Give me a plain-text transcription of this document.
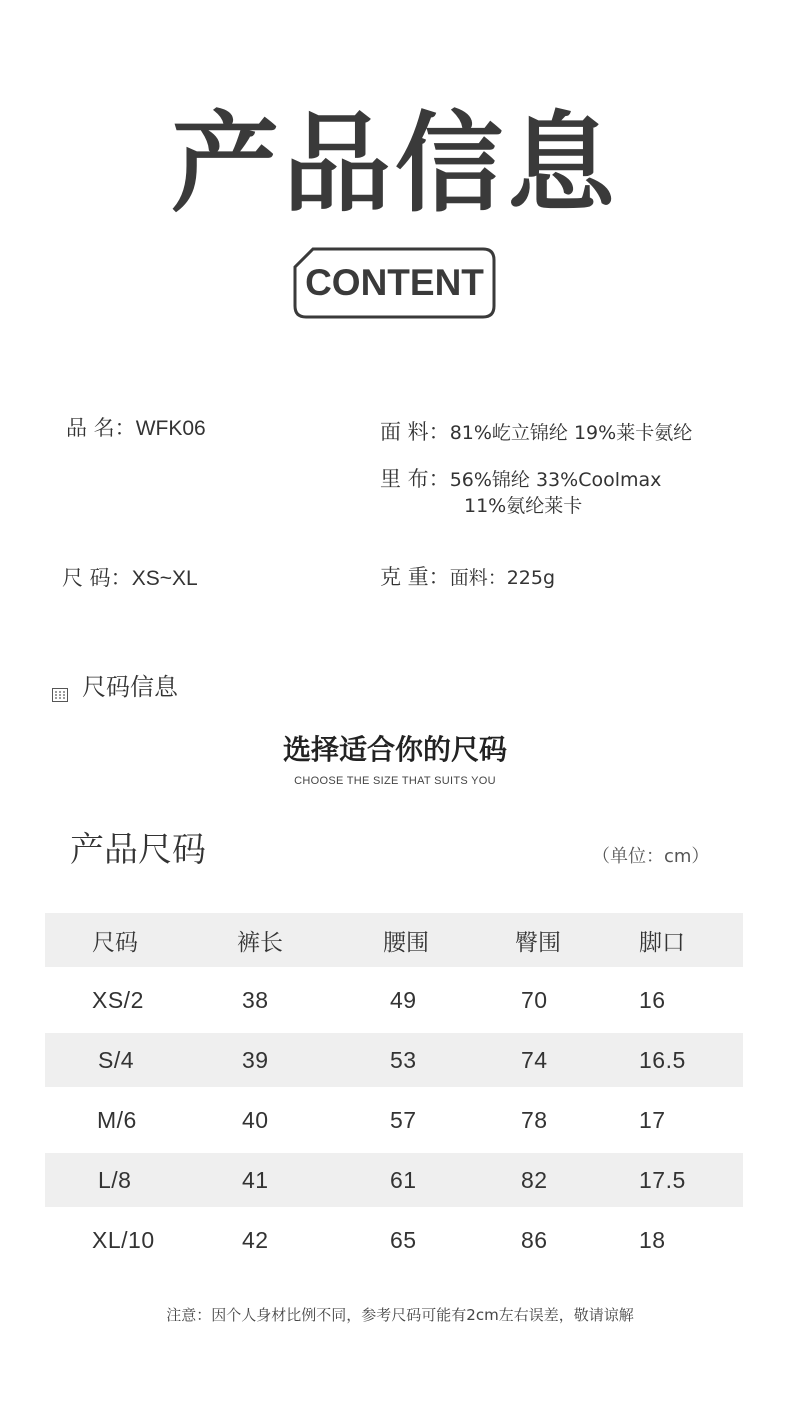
产品信息
CONTENT
品 名：WFK06	面 料：81%屹立锦纶 19%莱卡氨纶
里 布：56%锦纶 33%Coolmax
11%氨纶莱卡
尺 码：XS~XL	克 重：面料：225g
尺码信息
选择适合你的尺码
CHOOSE THE SIZE THAT SUITS YOU
产品尺码	（单位：cm）
尺码	裤长	腰围	臀围	脚口
XS/2	38	49	70	16
S/4	39	53	74	16.5
M/6	40	57	78	17
L/8	41	61	82	17.5
XL/10	42	65	86	18
注意：因个人身材比例不同，参考尺码可能有2cm左右误差，敬请谅解
